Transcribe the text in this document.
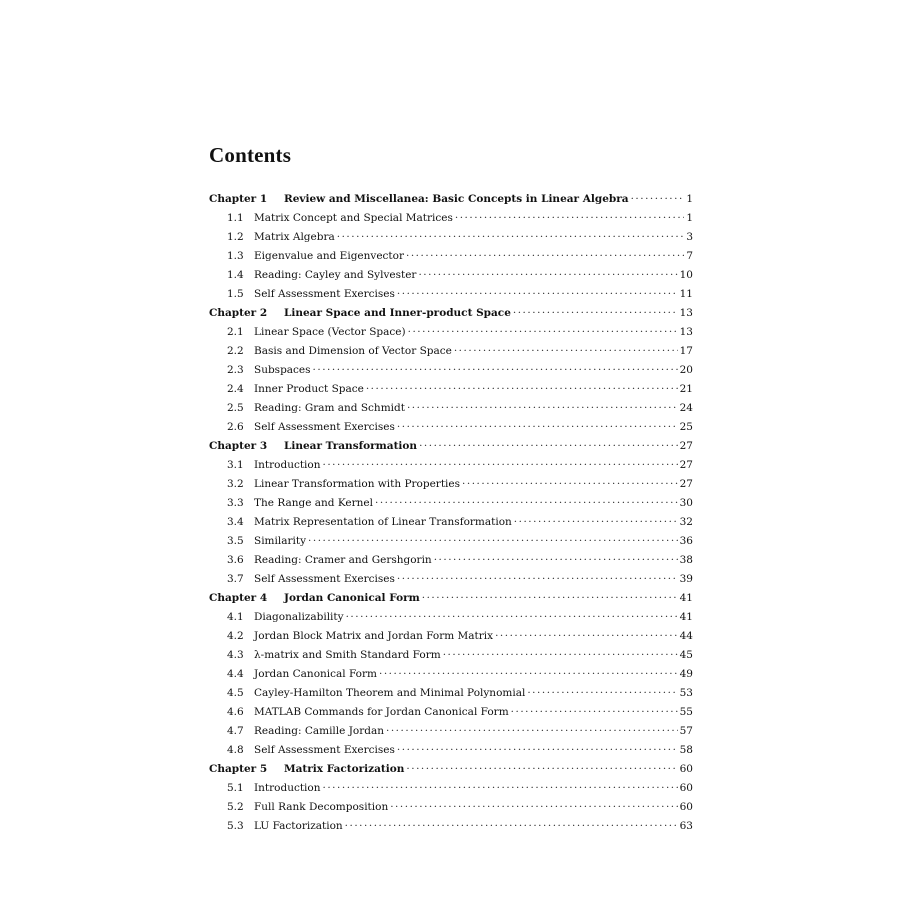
Contents
Chapter 1	Review and Miscellanea: Basic Concepts in Linear Algebra ·····	1
1.1 Matrix Concept and Special Matrices ·····	1
1.2 Matrix Algebra ·····	3
1.3 Eigenvalue and Eigenvector ·····	7
1.4 Reading: Cayley and Sylvester ·····	10
1.5 Self Assessment Exercises ·····	11
Chapter 2	Linear Space and Inner-product Space ·····	13
2.1 Linear Space (Vector Space) ·····	13
2.2 Basis and Dimension of Vector Space ·····	17
2.3 Subspaces ·····	20
2.4 Inner Product Space ·····	21
2.5 Reading: Gram and Schmidt ·····	24
2.6 Self Assessment Exercises ·····	25
Chapter 3	Linear Transformation ·····	27
3.1 Introduction ·····	27
3.2 Linear Transformation with Properties ·····	27
3.3 The Range and Kernel ·····	30
3.4 Matrix Representation of Linear Transformation ·····	32
3.5 Similarity ·····	36
3.6 Reading: Cramer and Gershgorin ·····	38
3.7 Self Assessment Exercises ·····	39
Chapter 4	Jordan Canonical Form ·····	41
4.1 Diagonalizability ·····	41
4.2 Jordan Block Matrix and Jordan Form Matrix ·····	44
4.3 λ-matrix and Smith Standard Form ·····	45
4.4 Jordan Canonical Form ·····	49
4.5 Cayley-Hamilton Theorem and Minimal Polynomial ·····	53
4.6 MATLAB Commands for Jordan Canonical Form ·····	55
4.7 Reading: Camille Jordan ·····	57
4.8 Self Assessment Exercises ·····	58
Chapter 5	Matrix Factorization ·····	60
5.1 Introduction ·····	60
5.2 Full Rank Decomposition ·····	60
5.3 LU Factorization ·····	63
